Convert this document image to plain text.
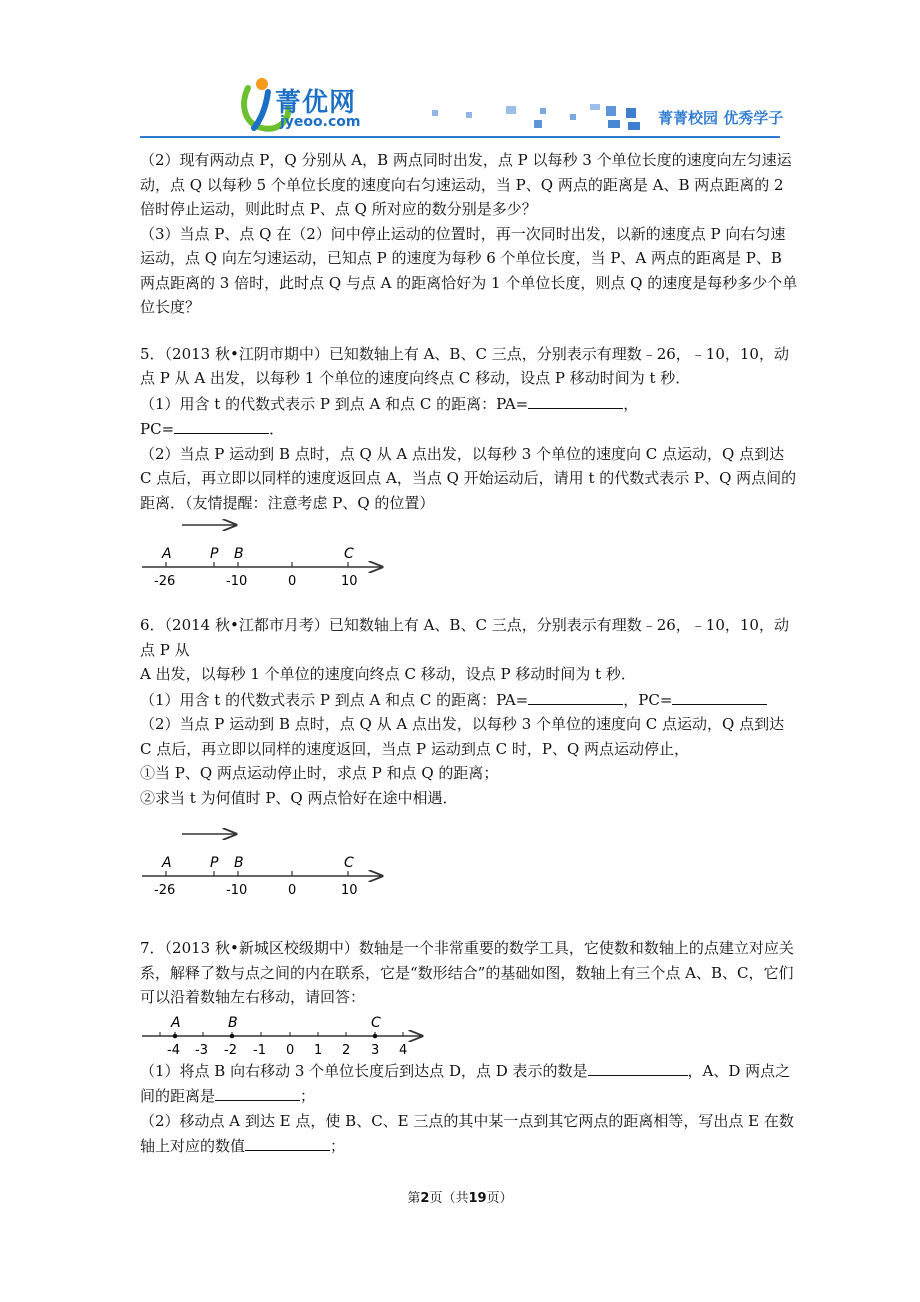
菁优网
jyeoo.com	菁菁校园 优秀学子

（2）现有两动点 P，Q 分别从 A，B 两点同时出发，点 P 以每秒 3 个单位长度的速度向左匀速运动，点 Q 以每秒 5 个单位长度的速度向右匀速运动，当 P、Q 两点的距离是 A、B 两点距离的 2 倍时停止运动，则此时点 P、点 Q 所对应的数分别是多少？

（3）当点 P、点 Q 在（2）问中停止运动的位置时，再一次同时出发，以新的速度点 P 向右匀速运动，点 Q 向左匀速运动，已知点 P 的速度为每秒 6 个单位长度，当 P、A 两点的距离是 P、B 两点距离的 3 倍时，此时点 Q 与点 A 的距离恰好为 1 个单位长度，则点 Q 的速度是每秒多少个单位长度？

5．（2013 秋•江阴市期中）已知数轴上有 A、B、C 三点，分别表示有理数﹣26，﹣10，10，动点 P 从 A 出发，以每秒 1 个单位的速度向终点 C 移动，设点 P 移动时间为 t 秒．

（1）用含 t 的代数式表示 P 到点 A 和点 C 的距离：PA=	，

PC=	．

（2）当点 P 运动到 B 点时，点 Q 从 A 点出发，以每秒 3 个单位的速度向 C 点运动，Q 点到达 C 点后，再立即以同样的速度返回点 A，当点 Q 开始运动后，请用 t 的代数式表示 P、Q 两点间的距离．（友情提醒：注意考虑 P、Q 的位置）

A	P B	C
-26	-10	0	10

6．（2014 秋•江都市月考）已知数轴上有 A、B、C 三点，分别表示有理数﹣26，﹣10，10，动点 P 从

A 出发，以每秒 1 个单位的速度向终点 C 移动，设点 P 移动时间为 t 秒．

（1）用含 t 的代数式表示 P 到点 A 和点 C 的距离：PA=	，PC=

（2）当点 P 运动到 B 点时，点 Q 从 A 点出发，以每秒 3 个单位的速度向 C 点运动，Q 点到达 C 点后，再立即以同样的速度返回，当点 P 运动到点 C 时，P、Q 两点运动停止，

①当 P、Q 两点运动停止时，求点 P 和点 Q 的距离；

②求当 t 为何值时 P、Q 两点恰好在途中相遇．

A	P B	C
-26	-10	0	10

7．（2013 秋•新城区校级期中）数轴是一个非常重要的数学工具，它使数和数轴上的点建立对应关系，解释了数与点之间的内在联系，它是“数形结合”的基础如图，数轴上有三个点 A、B、C，它们可以沿着数轴左右移动，请回答：

A	B	C
-4 -3 -2 -1 0 1 2 3 4

（1）将点 B 向右移动 3 个单位长度后到达点 D，点 D 表示的数是	，A、D 两点之间的距离是	；

（2）移动点 A 到达 E 点，使 B、C、E 三点的其中某一点到其它两点的距离相等，写出点 E 在数轴上对应的数值	；

第2页（共19页）
